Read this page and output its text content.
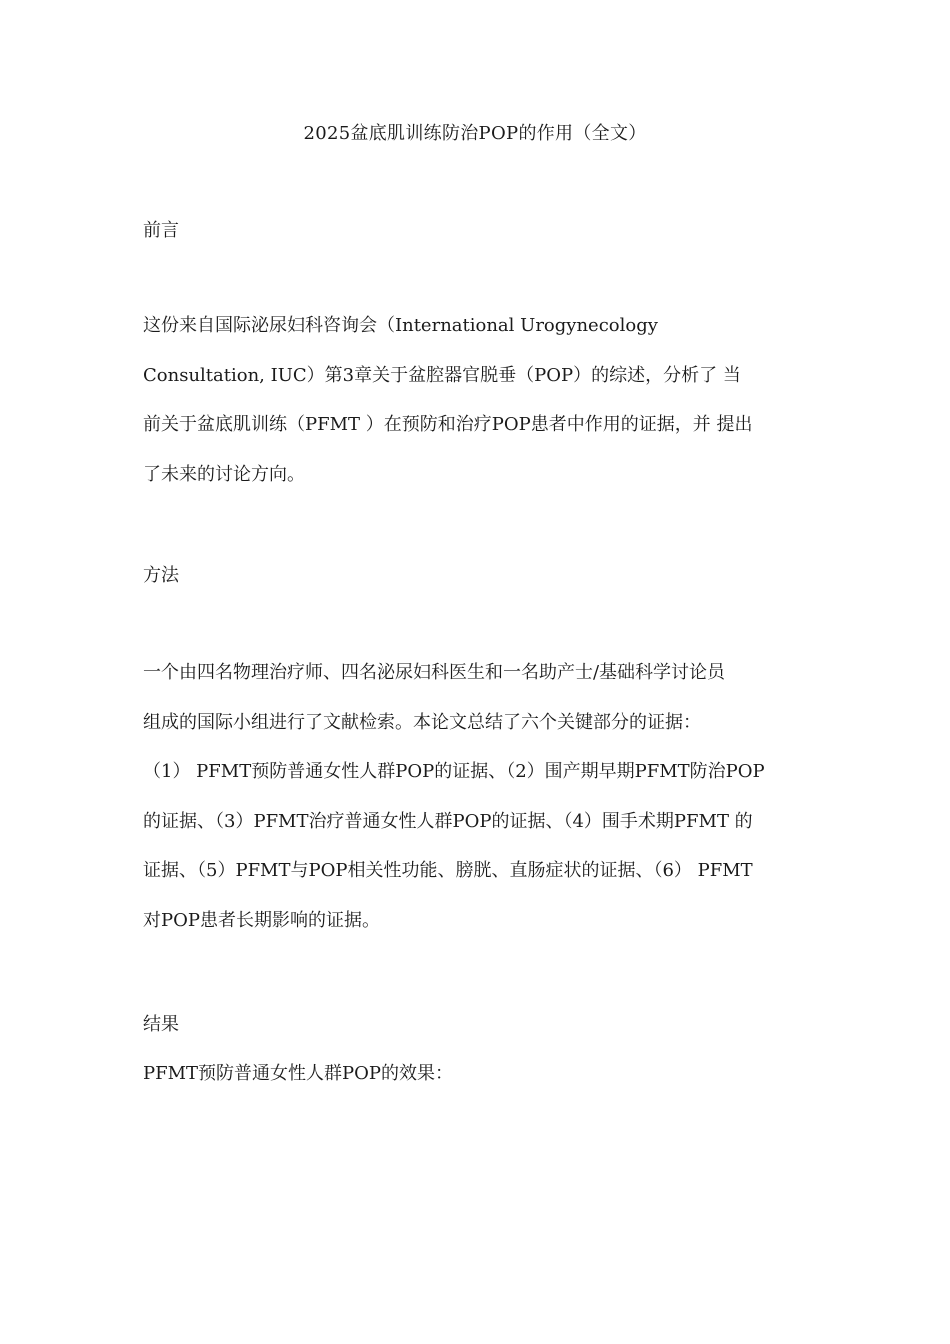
2025盆底肌训练防治POP的作用（全文）
前言

这份来自国际泌尿妇科咨询会（International Urogynecology

Consultation, IUC）第3章关于盆腔器官脱垂（POP）的综述，分析了 当

前关于盆底肌训练（PFMT ）在预防和治疗POP患者中作用的证据，并 提出

了未来的讨论方向。

方法

一个由四名物理治疗师、四名泌尿妇科医生和一名助产士/基础科学讨论员

组成的国际小组进行了文献检索。本论文总结了六个关键部分的证据：

（1） PFMT预防普通女性人群POP的证据、（2）围产期早期PFMT防治POP

的证据、（3）PFMT治疗普通女性人群POP的证据、（4）围手术期PFMT 的

证据、（5）PFMT与POP相关性功能、膀胱、直肠症状的证据、（6） PFMT

对POP患者长期影响的证据。

结果
PFMT预防普通女性人群POP的效果：
